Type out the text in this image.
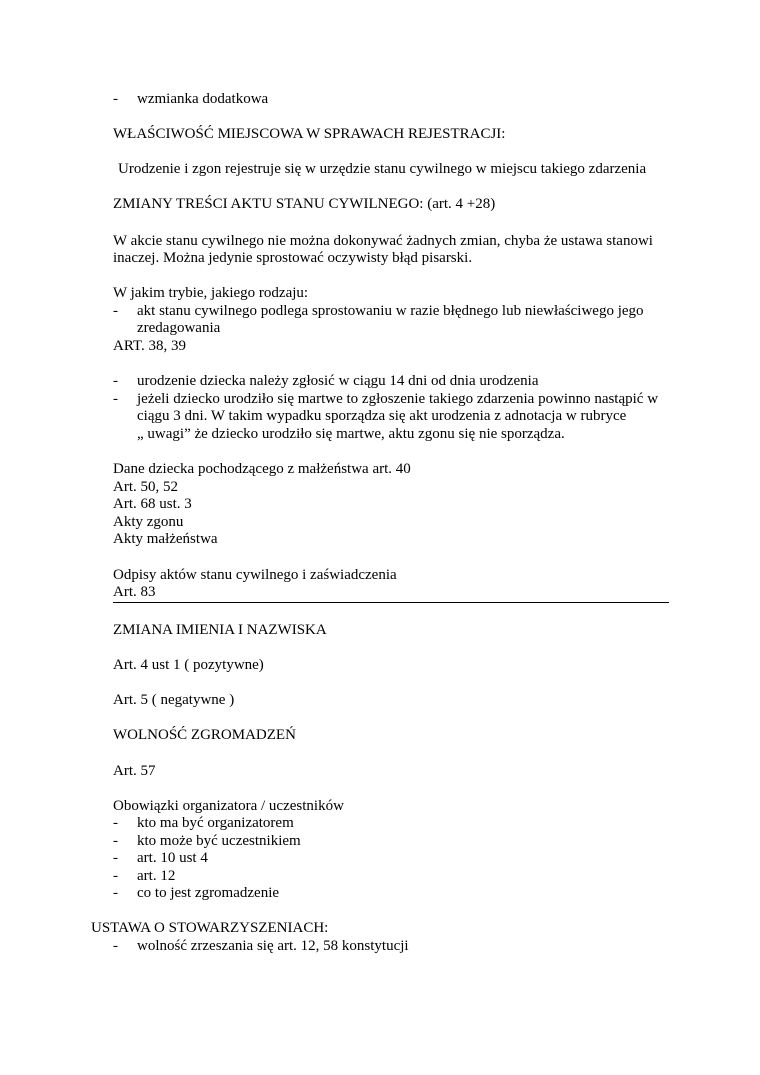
- wzmianka dodatkowa
WŁAŚCIWOŚĆ MIEJSCOWA W SPRAWACH REJESTRACJI:
Urodzenie i zgon rejestruje się w urzędzie stanu cywilnego w miejscu takiego zdarzenia
ZMIANY TREŚCI AKTU STANU CYWILNEGO: (art. 4 +28)
W akcie stanu cywilnego nie można dokonywać żadnych zmian, chyba że ustawa stanowi
inaczej. Można jedynie sprostować oczywisty błąd pisarski.
W jakim trybie, jakiego rodzaju:
- akt stanu cywilnego podlega sprostowaniu w razie błędnego lub niewłaściwego jego
zredagowania
ART. 38, 39
- urodzenie dziecka należy zgłosić w ciągu 14 dni od dnia urodzenia
- jeżeli dziecko urodziło się martwe to zgłoszenie takiego zdarzenia powinno nastąpić w
ciągu 3 dni. W takim wypadku sporządza się akt urodzenia z adnotacja w rubryce
„ uwagi” że dziecko urodziło się martwe, aktu zgonu się nie sporządza.
Dane dziecka pochodzącego z małżeństwa art. 40
Art. 50, 52
Art. 68 ust. 3
Akty zgonu
Akty małżeństwa
Odpisy aktów stanu cywilnego i zaświadczenia
Art. 83
ZMIANA IMIENIA I NAZWISKA
Art. 4 ust 1 ( pozytywne)
Art. 5 ( negatywne )
WOLNOŚĆ ZGROMADZEŃ
Art. 57
Obowiązki organizatora / uczestników
- kto ma być organizatorem
- kto może być uczestnikiem
- art. 10 ust 4
- art. 12
- co to jest zgromadzenie
USTAWA O STOWARZYSZENIACH:
- wolność zrzeszania się art. 12, 58 konstytucji
